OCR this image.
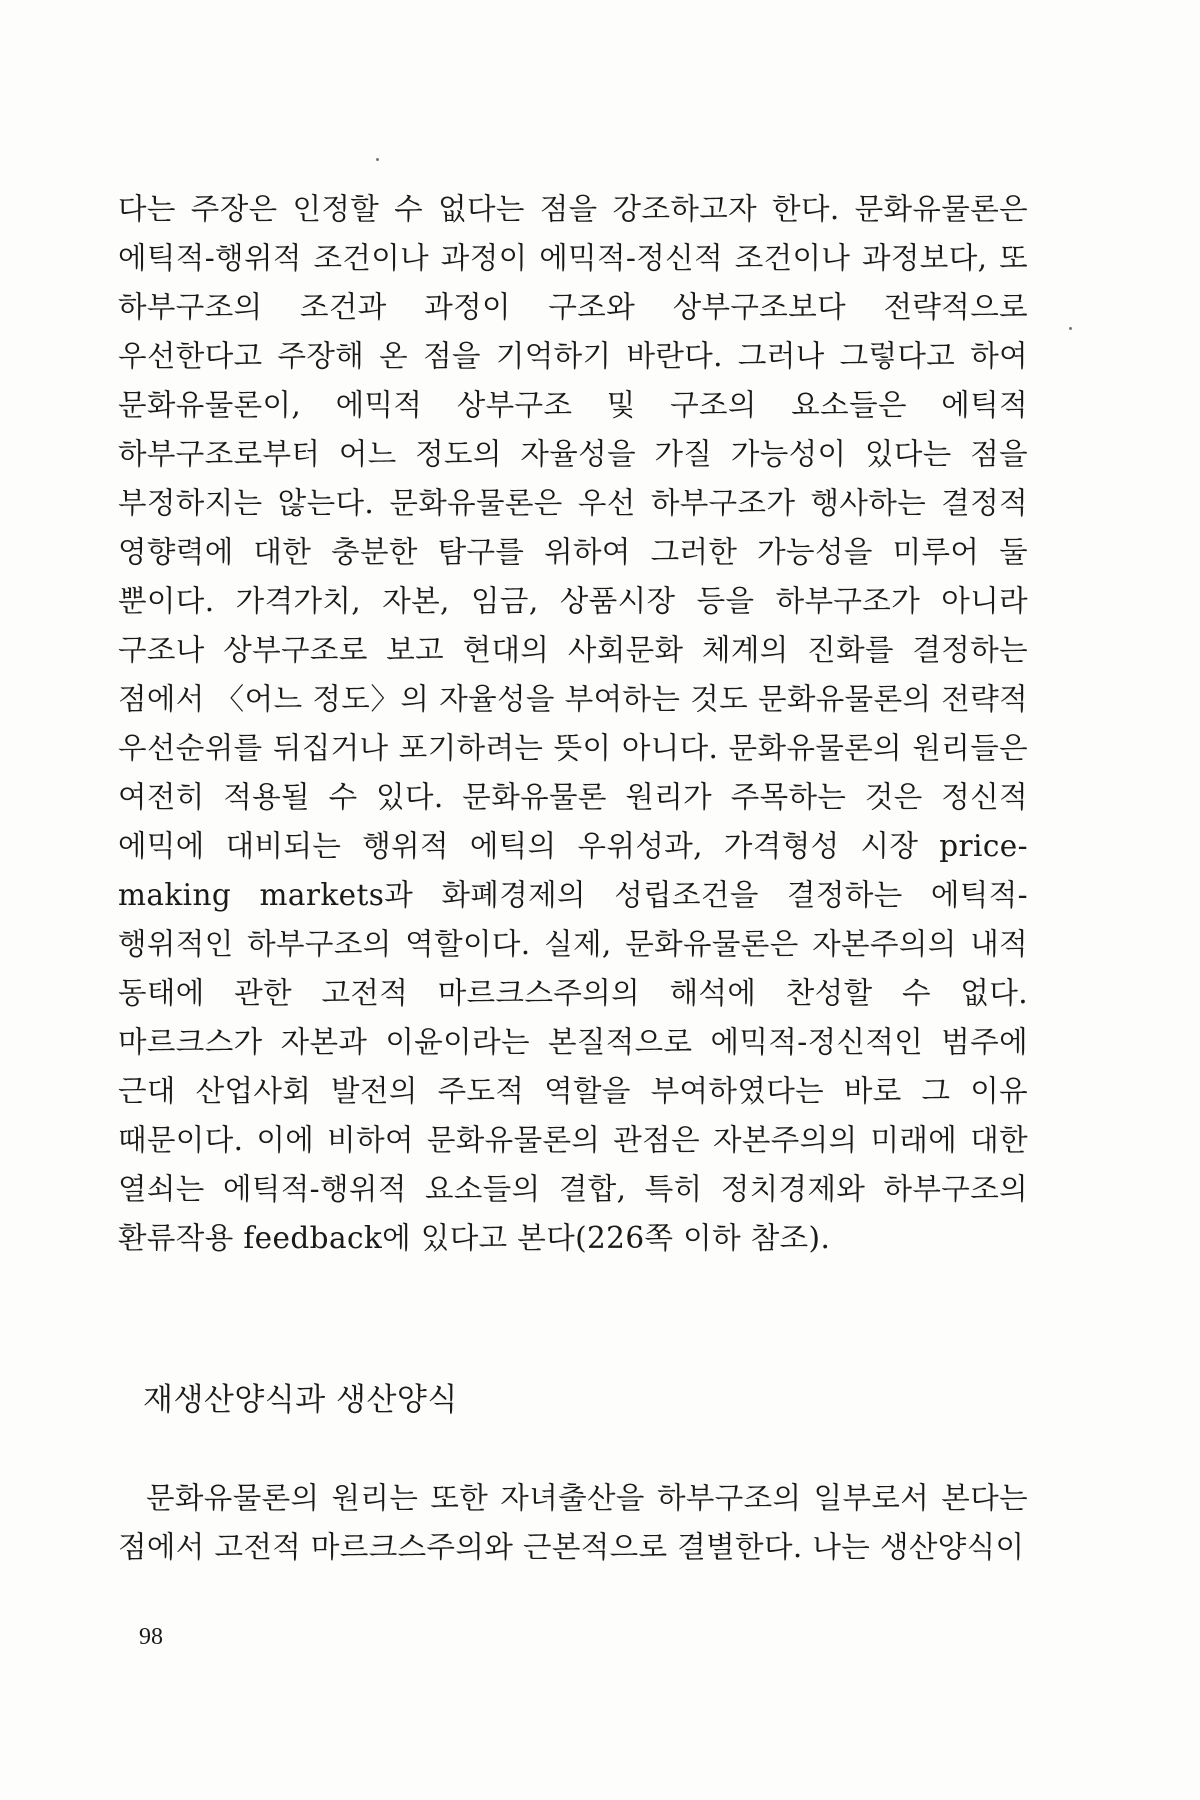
다는 주장은 인정할 수 없다는 점을 강조하고자 한다. 문화유물론은 에틱적-행위적 조건이나 과정이 에믹적-정신적 조건이나 과정보다, 또 하부구조의 조건과 과정이 구조와 상부구조보다 전략적으로 우선한다고 주장해 온 점을 기억하기 바란다. 그러나 그렇다고 하여 문화유물론이, 에믹적 상부구조 및 구조의 요소들은 에틱적 하부구조로부터 어느 정도의 자율성을 가질 가능성이 있다는 점을 부정하지는 않는다. 문화유물론은 우선 하부구조가 행사하는 결정적 영향력에 대한 충분한 탐구를 위하여 그러한 가능성을 미루어 둘 뿐이다. 가격가치, 자본, 임금, 상품시장 등을 하부구조가 아니라 구조나 상부구조로 보고 현대의 사회문화 체계의 진화를 결정하는 점에서 〈어느 정도〉의 자율성을 부여하는 것도 문화유물론의 전략적 우선순위를 뒤집거나 포기하려는 뜻이 아니다. 문화유물론의 원리들은 여전히 적용될 수 있다. 문화유물론 원리가 주목하는 것은 정신적 에믹에 대비되는 행위적 에틱의 우위성과, 가격형성 시장 price-making markets과 화폐경제의 성립조건을 결정하는 에틱적-행위적인 하부구조의 역할이다. 실제, 문화유물론은 자본주의의 내적 동태에 관한 고전적 마르크스주의의 해석에 찬성할 수 없다. 마르크스가 자본과 이윤이라는 본질적으로 에믹적-정신적인 범주에 근대 산업사회 발전의 주도적 역할을 부여하였다는 바로 그 이유 때문이다. 이에 비하여 문화유물론의 관점은 자본주의의 미래에 대한 열쇠는 에틱적-행위적 요소들의 결합, 특히 정치경제와 하부구조의 환류작용 feedback에 있다고 본다(226쪽 이하 참조).

재생산양식과 생산양식

문화유물론의 원리는 또한 자녀출산을 하부구조의 일부로서 본다는 점에서 고전적 마르크스주의와 근본적으로 결별한다. 나는 생산양식이

98
